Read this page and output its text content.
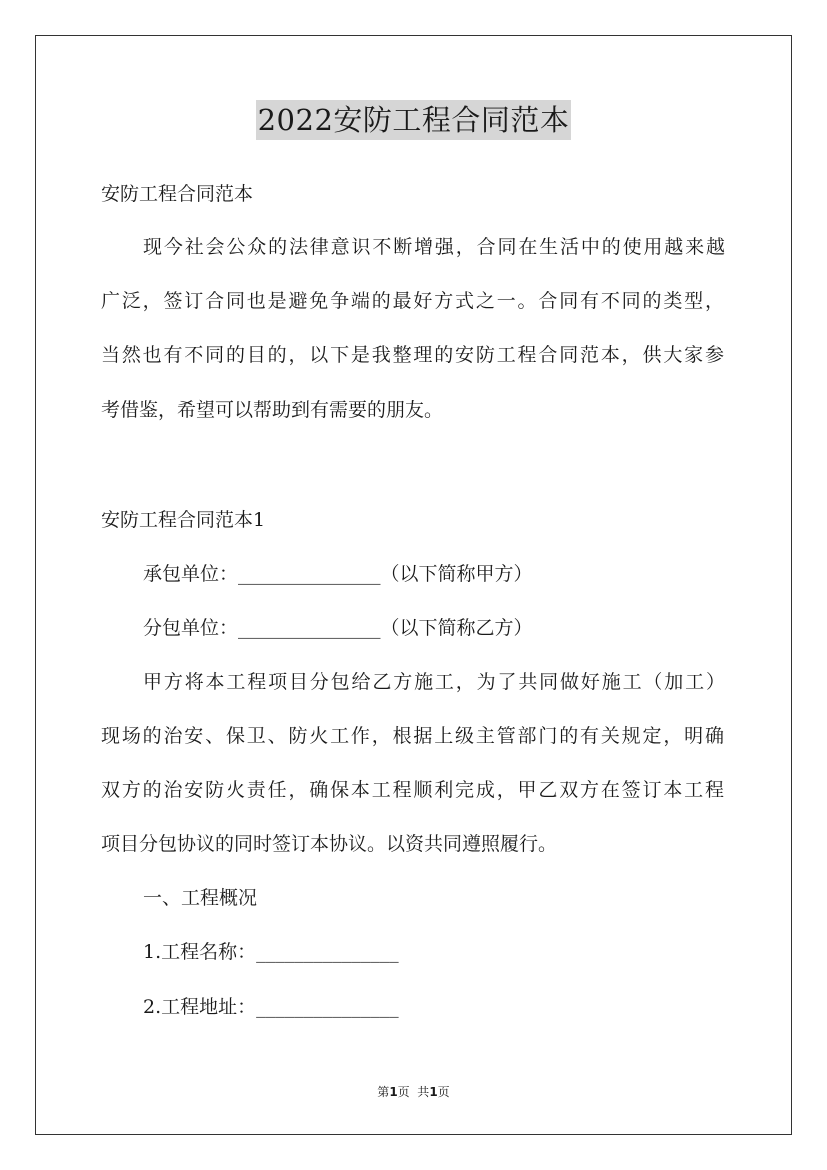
2022安防工程合同范本
安防工程合同范本
现今社会公众的法律意识不断增强，合同在生活中的使用越来越
广泛，签订合同也是避免争端的最好方式之一。合同有不同的类型，
当然也有不同的目的，以下是我整理的安防工程合同范本，供大家参
考借鉴，希望可以帮助到有需要的朋友。
安防工程合同范本1
承包单位：_______________（以下简称甲方）
分包单位：_______________（以下简称乙方）
甲方将本工程项目分包给乙方施工，为了共同做好施工（加工）
现场的治安、保卫、防火工作，根据上级主管部门的有关规定，明确
双方的治安防火责任，确保本工程顺利完成，甲乙双方在签订本工程
项目分包协议的同时签订本协议。以资共同遵照履行。
一、工程概况
1.工程名称：_______________
2.工程地址：_______________
第1页  共1页
